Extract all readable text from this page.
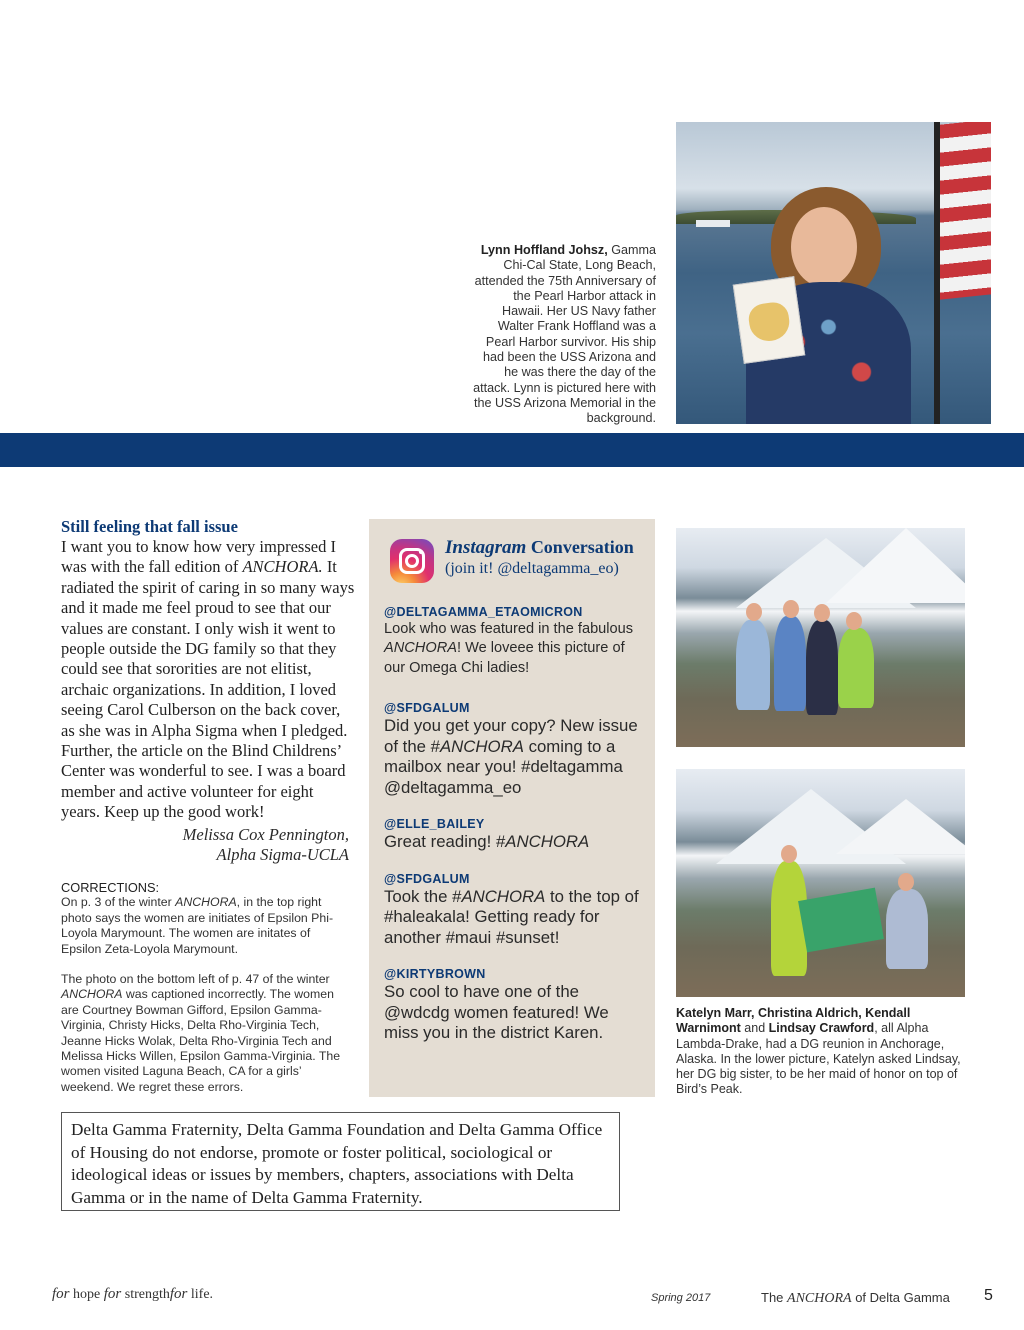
Lynn Hoffland Johsz, Gamma Chi-Cal State, Long Beach, attended the 75th Anniversary of the Pearl Harbor attack in Hawaii. Her US Navy father Walter Frank Hoffland was a Pearl Harbor survivor. His ship had been the USS Arizona and he was there the day of the attack. Lynn is pictured here with the USS Arizona Memorial in the background.
Still feeling that fall issue

I want you to know how very impressed I was with the fall edition of ANCHORA. It radiated the spirit of caring in so many ways and it made me feel proud to see that our values are constant. I only wish it went to people outside the DG family so that they could see that sororities are not elitist, archaic organizations. In addition, I loved seeing Carol Culberson on the back cover, as she was in Alpha Sigma when I pledged. Further, the article on the Blind Childrens’ Center was wonderful to see. I was a board member and active volunteer for eight years. Keep up the good work!

Melissa Cox Pennington,
Alpha Sigma-UCLA
CORRECTIONS:

On p. 3 of the winter ANCHORA, in the top right photo says the women are initiates of Epsilon Phi-Loyola Marymount. The women are initates of Epsilon Zeta-Loyola Marymount.

The photo on the bottom left of p. 47 of the winter ANCHORA was captioned incorrectly. The women are Courtney Bowman Gifford, Epsilon Gamma-Virginia, Christy Hicks, Delta Rho-Virginia Tech, Jeanne Hicks Wolak, Delta Rho-Virginia Tech and Melissa Hicks Willen, Epsilon Gamma-Virginia. The women visited Laguna Beach, CA for a girls’ weekend. We regret these errors.

Instagram Conversation
(join it! @deltagamma_eo)
@DELTAGAMMA_ETAOMICRON
Look who was featured in the fabulous ANCHORA! We loveee this picture of our Omega Chi ladies!
@SFDGALUM
Did you get your copy? New issue of the #ANCHORA coming to a mailbox near you! #deltagamma @deltagamma_eo
@ELLE_BAILEY
Great reading! #ANCHORA
@SFDGALUM
Took the #ANCHORA to the top of #haleakala! Getting ready for another #maui #sunset!
@KIRTYBROWN
So cool to have one of the @wdcdg women featured! We miss you in the district Karen.
Katelyn Marr, Christina Aldrich, Kendall Warnimont and Lindsay Crawford, all Alpha Lambda-Drake, had a DG reunion in Anchorage, Alaska. In the lower picture, Katelyn asked Lindsay, her DG big sister, to be her maid of honor on top of Bird’s Peak.
Delta Gamma Fraternity, Delta Gamma Foundation and Delta Gamma Office of Housing do not endorse, promote or foster political, sociological or ideological ideas or issues by members, chapters, associations with Delta Gamma or in the name of Delta Gamma Fraternity.
for hope for strengthfor life.	Spring 2017	The ANCHORA of Delta Gamma 5
